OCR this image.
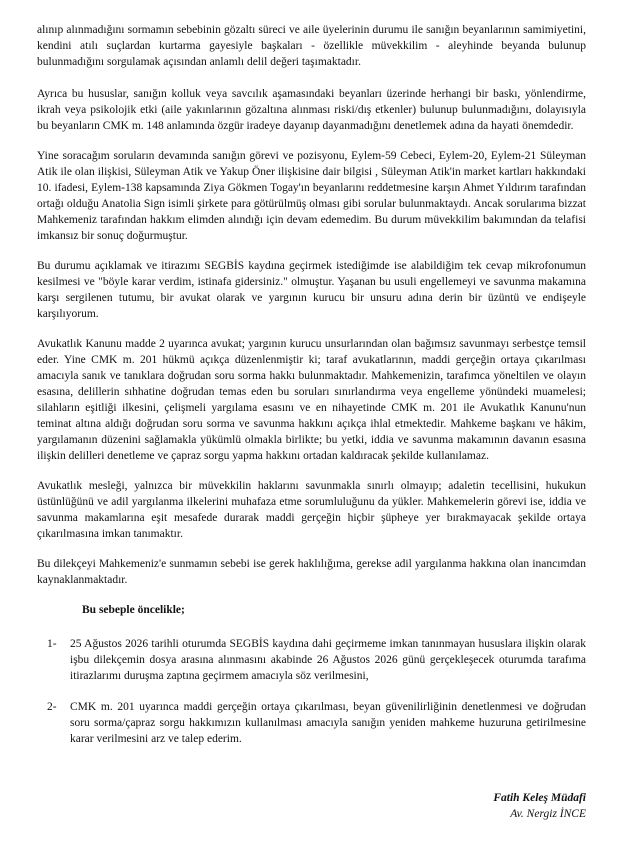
alınıp alınmadığını sormamın sebebinin gözaltı süreci ve aile üyelerinin durumu ile sanığın beyanlarının samimiyetini, kendini atılı suçlardan kurtarma gayesiyle başkaları - özellikle müvekkilim - aleyhinde beyanda bulunup bulunmadığını sorgulamak açısından anlamlı delil değeri taşımaktadır.

Ayrıca bu hususlar, sanığın kolluk veya savcılık aşamasındaki beyanları üzerinde herhangi bir baskı, yönlendirme, ikrah veya psikolojik etki (aile yakınlarının gözaltına alınması riski/dış etkenler) bulunup bulunmadığını, dolayısıyla bu beyanların CMK m. 148 anlamında özgür iradeye dayanıp dayanmadığını denetlemek adına da hayati önemdedir.

Yine soracağım soruların devamında sanığın görevi ve pozisyonu, Eylem-59 Cebeci, Eylem-20, Eylem-21 Süleyman Atik ile olan ilişkisi, Süleyman Atik ve Yakup Öner ilişkisine dair bilgisi , Süleyman Atik'in market kartları hakkındaki 10. ifadesi, Eylem-138 kapsamında Ziya Gökmen Togay'ın beyanlarını reddetmesine karşın Ahmet Yıldırım tarafından ortağı olduğu Anatolia Sign isimli şirkete para götürülmüş olması gibi sorular bulunmaktaydı. Ancak sorularıma bizzat Mahkemeniz tarafından hakkım elimden alındığı için devam edemedim. Bu durum müvekkilim bakımından da telafisi imkansız bir sonuç doğurmuştur.

Bu durumu açıklamak ve itirazımı SEGBİS kaydına geçirmek istediğimde ise alabildiğim tek cevap mikrofonumun kesilmesi ve "böyle karar verdim, istinafa gidersiniz." olmuştur. Yaşanan bu usuli engellemeyi ve savunma makamına karşı sergilenen tutumu, bir avukat olarak ve yargının kurucu bir unsuru adına derin bir üzüntü ve endişeyle karşılıyorum.

Avukatlık Kanunu madde 2 uyarınca avukat; yargının kurucu unsurlarından olan bağımsız savunmayı serbestçe temsil eder. Yine CMK m. 201 hükmü açıkça düzenlenmiştir ki; taraf avukatlarının, maddi gerçeğin ortaya çıkarılması amacıyla sanık ve tanıklara doğrudan soru sorma hakkı bulunmaktadır. Mahkemenizin, tarafımca yöneltilen ve olayın esasına, delillerin sıhhatine doğrudan temas eden bu soruları sınırlandırma veya engelleme yönündeki muamelesi; silahların eşitliği ilkesini, çelişmeli yargılama esasını ve en nihayetinde CMK m. 201 ile Avukatlık Kanunu'nun teminat altına aldığı doğrudan soru sorma ve savunma hakkını açıkça ihlal etmektedir. Mahkeme başkanı ve hâkim, yargılamanın düzenini sağlamakla yükümlü olmakla birlikte; bu yetki, iddia ve savunma makamının davanın esasına ilişkin delilleri denetleme ve çapraz sorgu yapma hakkını ortadan kaldıracak şekilde kullanılamaz.

Avukatlık mesleği, yalnızca bir müvekkilin haklarını savunmakla sınırlı olmayıp; adaletin tecellisini, hukukun üstünlüğünü ve adil yargılanma ilkelerini muhafaza etme sorumluluğunu da yükler. Mahkemelerin görevi ise, iddia ve savunma makamlarına eşit mesafede durarak maddi gerçeğin hiçbir şüpheye yer bırakmayacak şekilde ortaya çıkarılmasına imkan tanımaktır.

Bu dilekçeyi Mahkemeniz'e sunmamın sebebi ise gerek haklılığıma, gerekse adil yargılanma hakkına olan inancımdan kaynaklanmaktadır.

Bu sebeple öncelikle;
1-	25 Ağustos 2026 tarihli oturumda SEGBİS kaydına dahi geçirmeme imkan tanınmayan hususlara ilişkin olarak işbu dilekçemin dosya arasına alınmasını akabinde 26 Ağustos 2026 günü gerçekleşecek oturumda tarafıma itirazlarımı duruşma zaptına geçirmem amacıyla söz verilmesini,
2-	CMK m. 201 uyarınca maddi gerçeğin ortaya çıkarılması, beyan güvenilirliğinin denetlenmesi ve doğrudan soru sorma/çapraz sorgu hakkımızın kullanılması amacıyla sanığın yeniden mahkeme huzuruna getirilmesine karar verilmesini arz ve talep ederim.
Fatih Keleş Müdafi
Av. Nergiz İNCE
